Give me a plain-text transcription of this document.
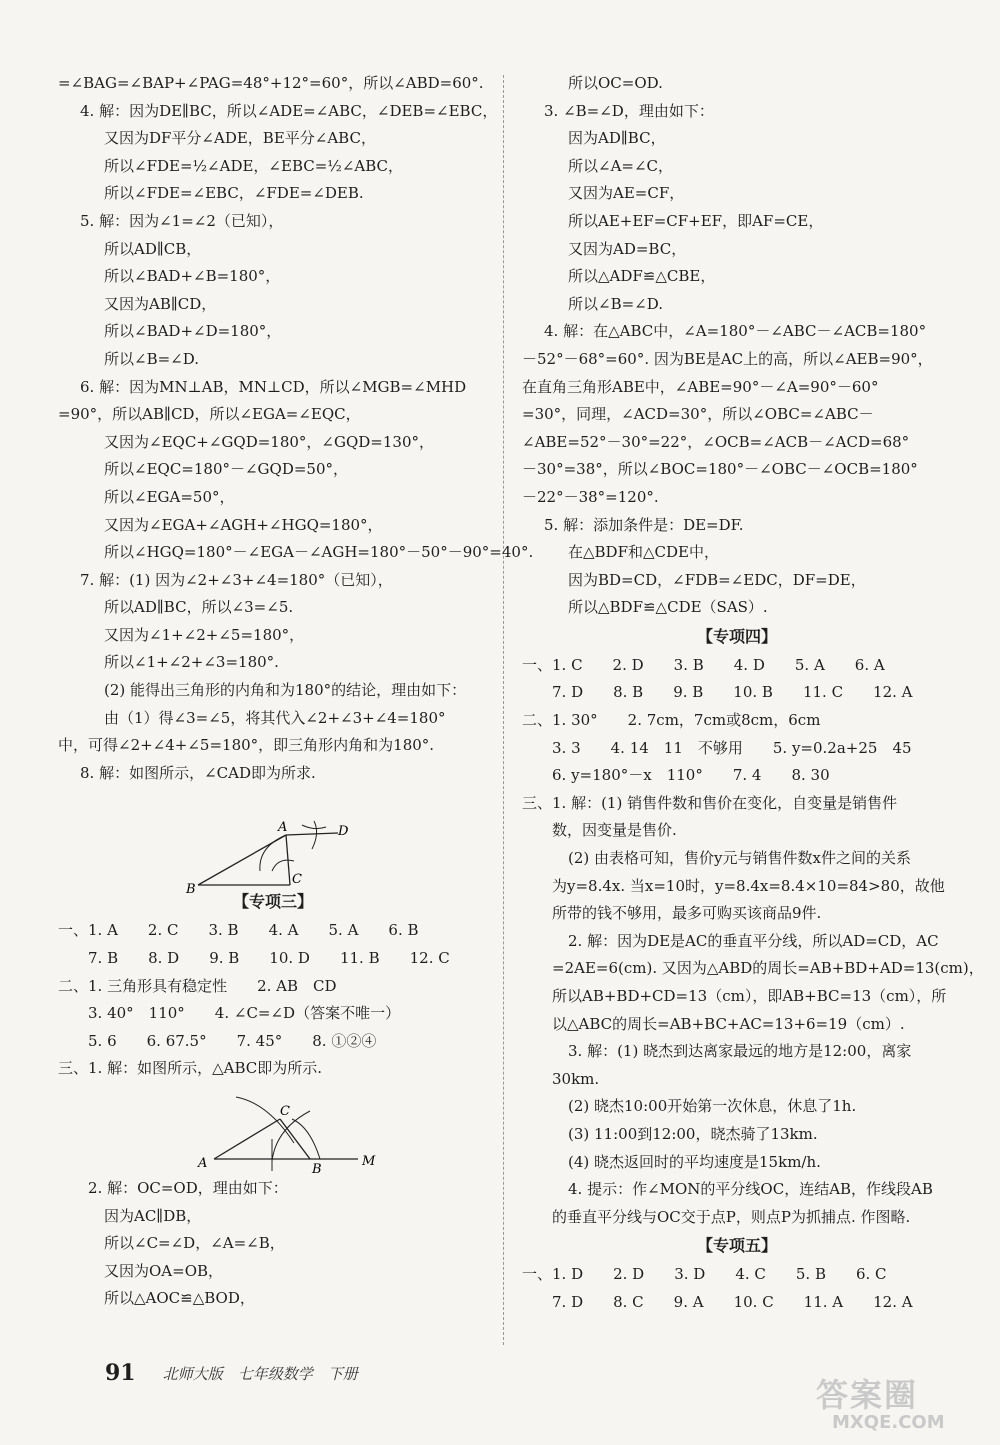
=∠BAG=∠BAP+∠PAG=48°+12°=60°，所以∠ABD=60°.
4. 解：因为DE∥BC，所以∠ADE=∠ABC，∠DEB=∠EBC，
又因为DF平分∠ADE，BE平分∠ABC，
所以∠FDE=½∠ADE，∠EBC=½∠ABC，
所以∠FDE=∠EBC，∠FDE=∠DEB.
5. 解：因为∠1=∠2（已知），
所以AD∥CB，
所以∠BAD+∠B=180°，
又因为AB∥CD，
所以∠BAD+∠D=180°，
所以∠B=∠D.
6. 解：因为MN⊥AB，MN⊥CD，所以∠MGB=∠MHD
=90°，所以AB∥CD，所以∠EGA=∠EQC，
又因为∠EQC+∠GQD=180°，∠GQD=130°，
所以∠EQC=180°－∠GQD=50°，
所以∠EGA=50°，
又因为∠EGA+∠AGH+∠HGQ=180°，
所以∠HGQ=180°－∠EGA－∠AGH=180°－50°－90°=40°.
7. 解：(1) 因为∠2+∠3+∠4=180°（已知），
所以AD∥BC，所以∠3=∠5.
又因为∠1+∠2+∠5=180°，
所以∠1+∠2+∠3=180°.
(2) 能得出三角形的内角和为180°的结论，理由如下：
由（1）得∠3=∠5，将其代入∠2+∠3+∠4=180°
中，可得∠2+∠4+∠5=180°，即三角形内角和为180°.
8. 解：如图所示，∠CAD即为所求.
A
B
C
D
【专项三】
一、1. A　　2. C　　3. B　　4. A　　5. A　　6. B
7. B　　8. D　　9. B　　10. D　　11. B　　12. C
二、1. 三角形具有稳定性　　2. AB　CD
3. 40°　110°　　4. ∠C=∠D（答案不唯一）
5. 6　　6. 67.5°　　7. 45°　　8. ①②④
三、1. 解：如图所示，△ABC即为所示.
A	B
C
M
2. 解：OC=OD，理由如下：
因为AC∥DB，
所以∠C=∠D，∠A=∠B，
又因为OA=OB，
所以△AOC≌△BOD，
所以OC=OD.
3. ∠B=∠D，理由如下：
因为AD∥BC，
所以∠A=∠C，
又因为AE=CF，
所以AE+EF=CF+EF，即AF=CE，
又因为AD=BC，
所以△ADF≌△CBE，
所以∠B=∠D.
4. 解：在△ABC中，∠A=180°－∠ABC－∠ACB=180°
－52°－68°=60°. 因为BE是AC上的高，所以∠AEB=90°，
在直角三角形ABE中，∠ABE=90°－∠A=90°－60°
=30°，同理，∠ACD=30°，所以∠OBC=∠ABC－
∠ABE=52°－30°=22°，∠OCB=∠ACB－∠ACD=68°
－30°=38°，所以∠BOC=180°－∠OBC－∠OCB=180°
－22°－38°=120°.
5. 解：添加条件是：DE=DF.
在△BDF和△CDE中，
因为BD=CD，∠FDB=∠EDC，DF=DE，
所以△BDF≌△CDE（SAS）.
【专项四】
一、1. C　　2. D　　3. B　　4. D　　5. A　　6. A
7. D　　8. B　　9. B　　10. B　　11. C　　12. A
二、1. 30°　　2. 7cm，7cm或8cm，6cm
3. 3　　4. 14　11　不够用　　5. y=0.2a+25　45
6. y=180°－x　110°　　7. 4　　8. 30
三、1. 解：(1) 销售件数和售价在变化，自变量是销售件
数，因变量是售价.
(2) 由表格可知，售价y元与销售件数x件之间的关系
为y=8.4x. 当x=10时，y=8.4x=8.4×10=84>80，故他
所带的钱不够用，最多可购买该商品9件.
2. 解：因为DE是AC的垂直平分线，所以AD=CD，AC
=2AE=6(cm). 又因为△ABD的周长=AB+BD+AD=13(cm)，
所以AB+BD+CD=13（cm），即AB+BC=13（cm），所
以△ABC的周长=AB+BC+AC=13+6=19（cm）.
3. 解：(1) 晓杰到达离家最远的地方是12:00，离家
30km.
(2) 晓杰10:00开始第一次休息，休息了1h.
(3) 11:00到12:00，晓杰骑了13km.
(4) 晓杰返回时的平均速度是15km/h.
4. 提示：作∠MON的平分线OC，连结AB，作线段AB
的垂直平分线与OC交于点P，则点P为抓捕点. 作图略.
【专项五】
一、1. D　　2. D　　3. D　　4. C　　5. B　　6. C
7. D　　8. C　　9. A　　10. C　　11. A　　12. A
91 北师大版　七年级数学　下册
答案圈
MXQE.COM
